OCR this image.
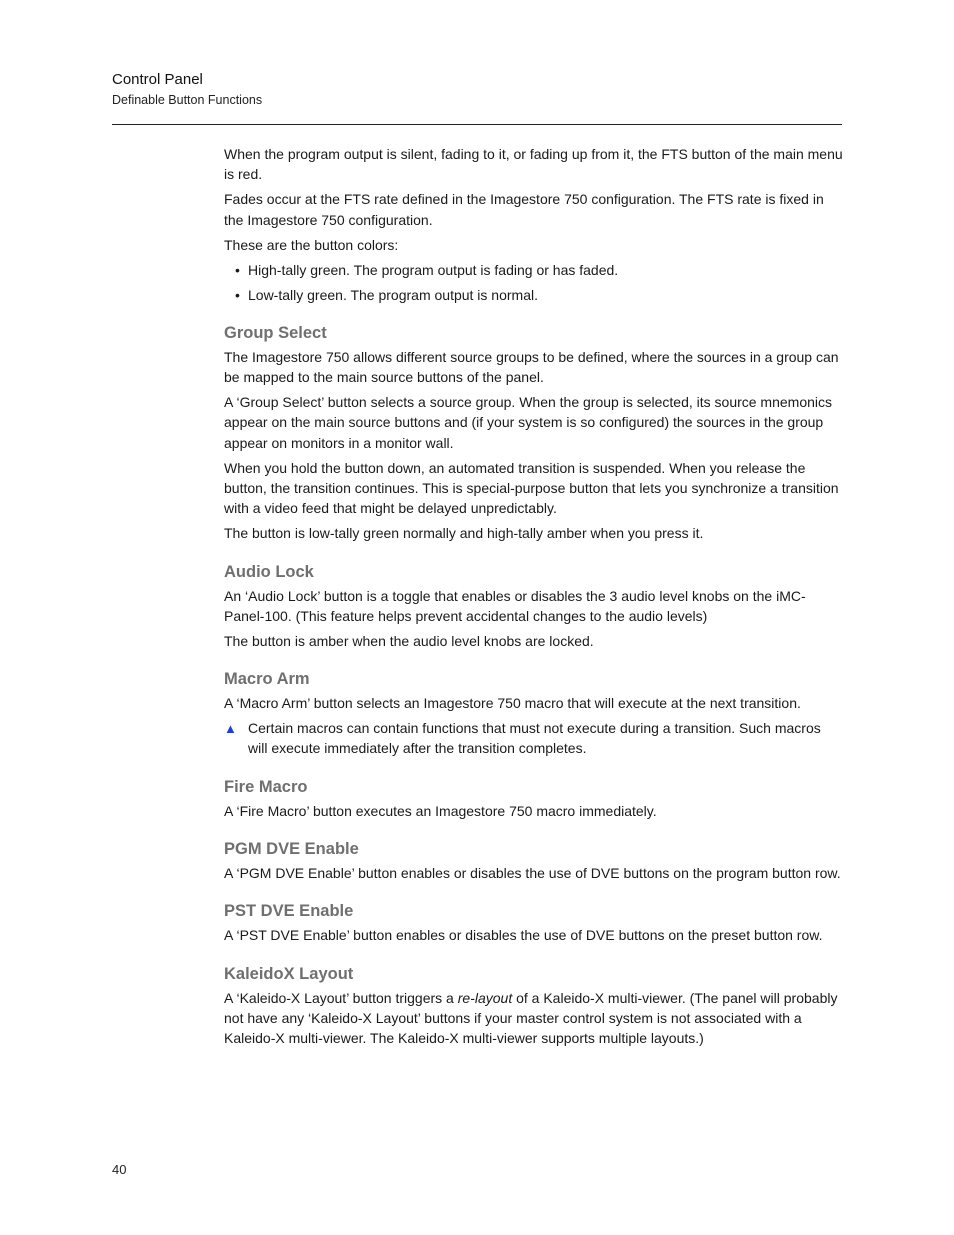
Control Panel
Definable Button Functions

When the program output is silent, fading to it, or fading up from it, the FTS button of the main menu is red.

Fades occur at the FTS rate defined in the Imagestore 750 configuration. The FTS rate is fixed in the Imagestore 750 configuration.

These are the button colors:

• High-tally green. The program output is fading or has faded.
• Low-tally green. The program output is normal.
Group Select

The Imagestore 750 allows different source groups to be defined, where the sources in a group can be mapped to the main source buttons of the panel.

A ‘Group Select’ button selects a source group. When the group is selected, its source mnemonics appear on the main source buttons and (if your system is so configured) the sources in the group appear on monitors in a monitor wall.

When you hold the button down, an automated transition is suspended. When you release the button, the transition continues. This is special-purpose button that lets you synchronize a transition with a video feed that might be delayed unpredictably.

The button is low-tally green normally and high-tally amber when you press it.

Audio Lock

An ‘Audio Lock’ button is a toggle that enables or disables the 3 audio level knobs on the iMC-Panel-100. (This feature helps prevent accidental changes to the audio levels)

The button is amber when the audio level knobs are locked.

Macro Arm

A ‘Macro Arm’ button selects an Imagestore 750 macro that will execute at the next transition.

▲ Certain macros can contain functions that must not execute during a transition. Such macros will execute immediately after the transition completes.
Fire Macro

A ‘Fire Macro’ button executes an Imagestore 750 macro immediately.

PGM DVE Enable

A ‘PGM DVE Enable’ button enables or disables the use of DVE buttons on the program button row.

PST DVE Enable

A ‘PST DVE Enable’ button enables or disables the use of DVE buttons on the preset button row.

KaleidoX Layout

A ‘Kaleido-X Layout’ button triggers a re-layout of a Kaleido-X multi-viewer. (The panel will probably not have any ‘Kaleido-X Layout’ buttons if your master control system is not associated with a Kaleido-X multi-viewer. The Kaleido-X multi-viewer supports multiple layouts.)

40
